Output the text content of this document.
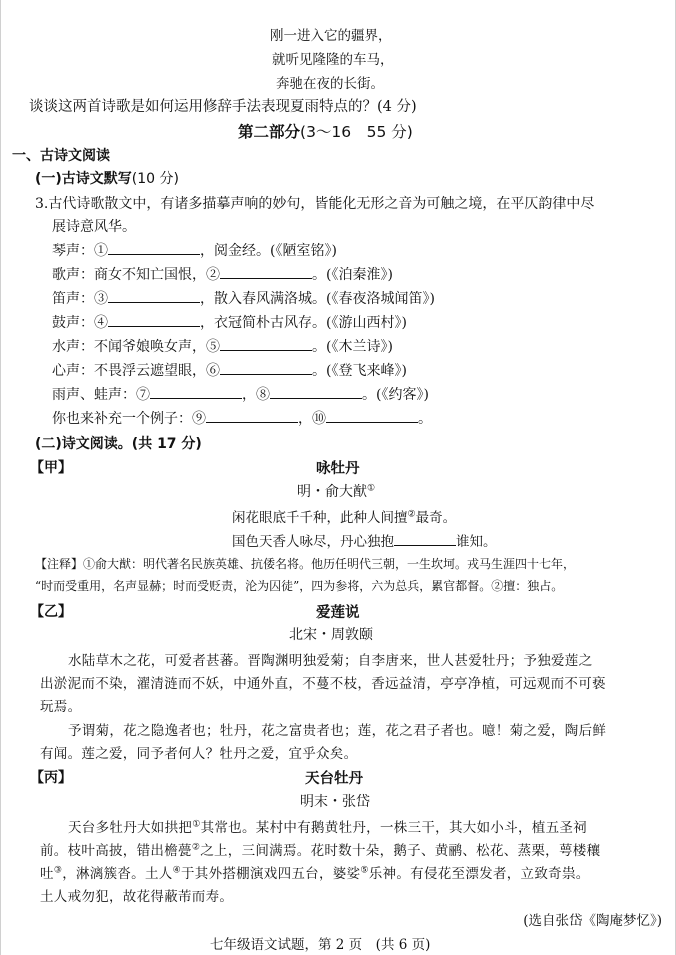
刚一进入它的疆界，
就听见隆隆的车马，
奔驰在夜的长街。
谈谈这两首诗歌是如何运用修辞手法表现夏雨特点的？(4 分)
第二部分(3～16　55 分)
一、古诗文阅读
(一)古诗文默写(10 分)
3.古代诗歌散文中，有诸多描摹声响的妙句，皆能化无形之音为可触之境，在平仄韵律中尽
展诗意风华。
琴声：①	，阅金经。(《陋室铭》)
歌声：商女不知亡国恨，②	。(《泊秦淮》)
笛声：③	，散入春风满洛城。(《春夜洛城闻笛》)
鼓声：④	，衣冠简朴古风存。(《游山西村》)
水声：不闻爷娘唤女声，⑤	。(《木兰诗》)
心声：不畏浮云遮望眼，⑥	。(《登飞来峰》)
雨声、蛙声：⑦	，⑧	。(《约客》)
你也来补充一个例子：⑨	，⑩	。
(二)诗文阅读。(共 17 分)
【甲】	咏牡丹
明・俞大猷①
闲花眼底千千种，此种人间擅②最奇。
国色天香人咏尽，丹心独抱	谁知。
【注释】①俞大猷：明代著名民族英雄、抗倭名将。他历任明代三朝，一生坎坷。戎马生涯四十七年，
“时而受重用，名声显赫；时而受贬责，沦为囚徒”，四为参将，六为总兵，累官都督。②擅：独占。
【乙】	爱莲说
北宋・周敦颐
水陆草木之花，可爱者甚蕃。晋陶渊明独爱菊；自李唐来，世人甚爱牡丹；予独爱莲之
出淤泥而不染，濯清涟而不妖，中通外直，不蔓不枝，香远益清，亭亭净植，可远观而不可亵
玩焉。
予谓菊，花之隐逸者也；牡丹，花之富贵者也；莲，花之君子者也。噫！菊之爱，陶后鲜
有闻。莲之爱，同予者何人？牡丹之爱，宜乎众矣。
【丙】	天台牡丹
明末・张岱
天台多牡丹大如拱把①其常也。某村中有鹅黄牡丹，一株三干，其大如小斗，植五圣祠
前。枝叶高披，错出檐甍②之上，三间满焉。花时数十朵，鹅子、黄鹂、松花、蒸栗，萼楼穰
吐③，淋漓簇沓。土人④于其外搭棚演戏四五台，婆娑⑤乐神。有侵花至漂发者，立致奇祟。
土人戒勿犯，故花得蔽芾而寿。
(选自张岱《陶庵梦忆》)
七年级语文试题，第 2 页　(共 6 页)
